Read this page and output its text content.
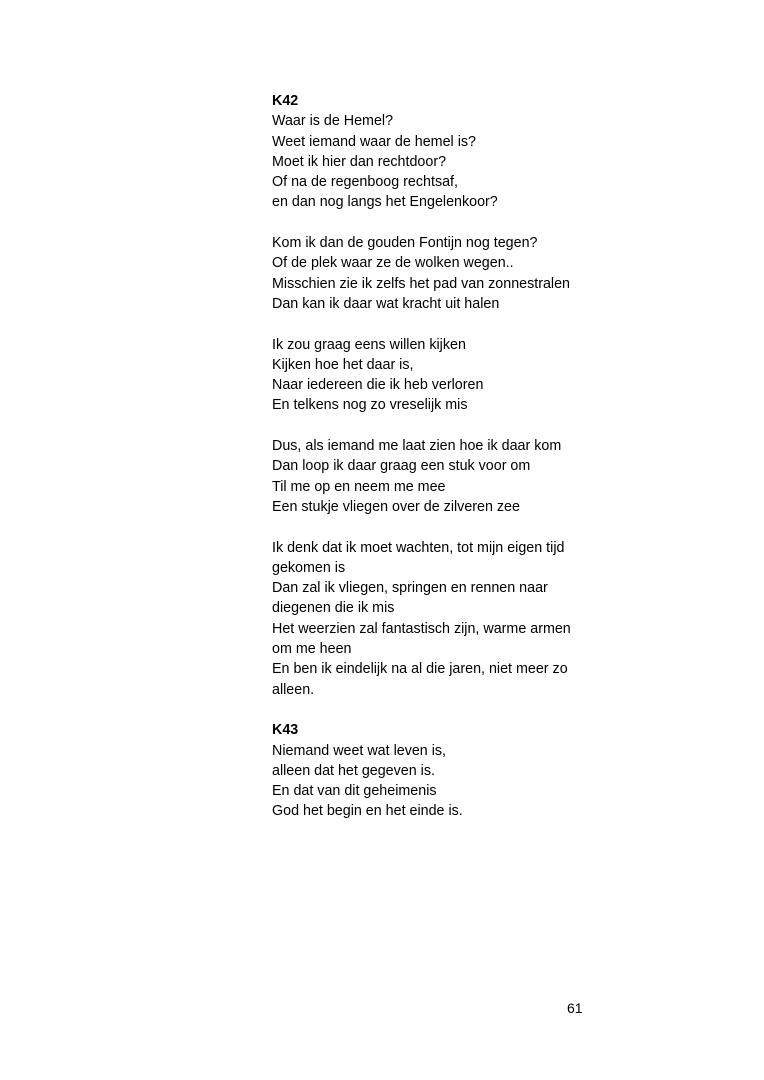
K42
Waar is de Hemel?
Weet iemand waar de hemel is?
Moet ik hier dan rechtdoor?
Of na de regenboog rechtsaf,
en dan nog langs het Engelenkoor?
Kom ik dan de gouden Fontijn nog tegen?
Of de plek waar ze de wolken wegen..
Misschien zie ik zelfs het pad van zonnestralen
Dan kan ik daar wat kracht uit halen
Ik zou graag eens willen kijken
Kijken hoe het daar is,
Naar iedereen die ik heb verloren
En telkens nog zo vreselijk mis
Dus, als iemand me laat zien hoe ik daar kom
Dan loop ik daar graag een stuk voor om
Til me op en neem me mee
Een stukje vliegen over de zilveren zee
Ik denk dat ik moet wachten, tot mijn eigen tijd
gekomen is
Dan zal ik vliegen, springen en rennen naar
diegenen die ik mis
Het weerzien zal fantastisch zijn, warme armen
om me heen
En ben ik eindelijk na al die jaren, niet meer zo
alleen.
K43
Niemand weet wat leven is,
alleen dat het gegeven is.
En dat van dit geheimenis
God het begin en het einde is.
61
